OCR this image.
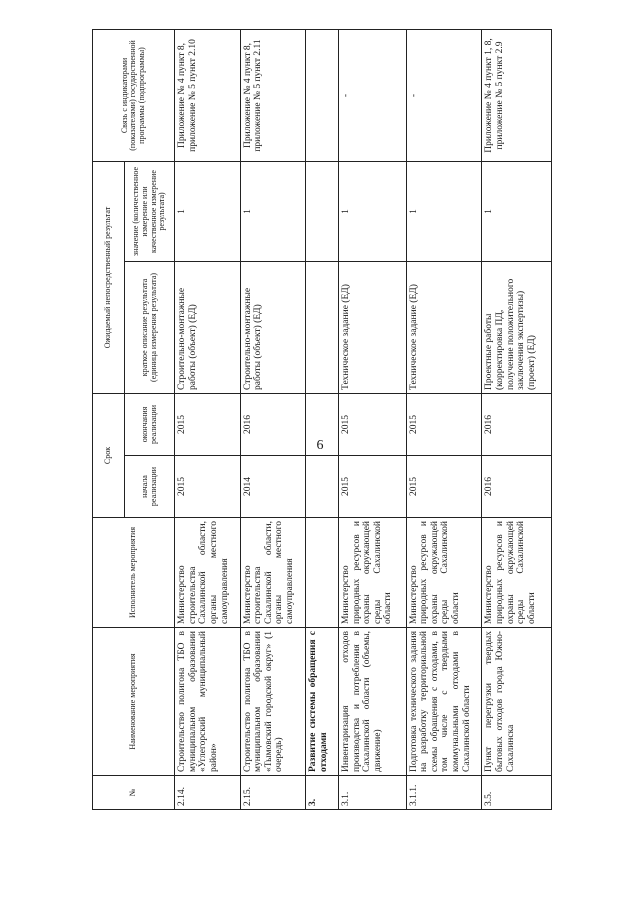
6
№	Наименование мероприятия	Исполнитель мероприятия	Срок		Ожидаемый непосредственный результат		Связь с индикаторами (показателями) государственной программы (подпрограммы)
			начала реализации	окончания реализации	краткое описание результата (единица измерения результата)	значение (количественное измерение или качественное измерение результата)	
2.14.	Строительство полигона ТБО в муниципальном образовании «Углегорский муниципальный район»	Министерство строительства Сахалинской области, органы местного самоуправления	2015	2015	Строительно-монтажные работы (объект) (ЕД)	1	Приложение № 4 пункт 8, приложение № 5 пункт 2.10
2.15.	Строительство полигона ТБО в муниципальном образовании «Тымовский городской округ» (1 очередь)	Министерство строительства Сахалинской области, органы местного самоуправления	2014	2016	Строительно-монтажные работы (объект) (ЕД)	1	Приложение № 4 пункт 8, приложение № 5 пункт 2.11
3.	Развитие системы обращения с отходами						
3.1.	Инвентаризация отходов производства и потребления в Сахалинской области (объемы, движение)	Министерство природных ресурсов и охраны окружающей среды Сахалинской области	2015	2015	Техническое задание (ЕД)	1	-
3.1.1.	Подготовка технического задания на разработку территориальной схемы обращения с отходами, в том числе с твердыми коммунальными отходами в Сахалинской области	Министерство природных ресурсов и охраны окружающей среды Сахалинской области	2015	2015	Техническое задание (ЕД)	1	-
3.5.	Пункт перегрузки твердых бытовых отходов города Южно-Сахалинска	Министерство природных ресурсов и охраны окружающей среды Сахалинской области	2016	2016	Проектные работы (корректировка ПД, получение положительного заключения экспертизы) (проект) (ЕД)	1	Приложение № 4 пункт 1, 8, приложение № 5 пункт 2.9
